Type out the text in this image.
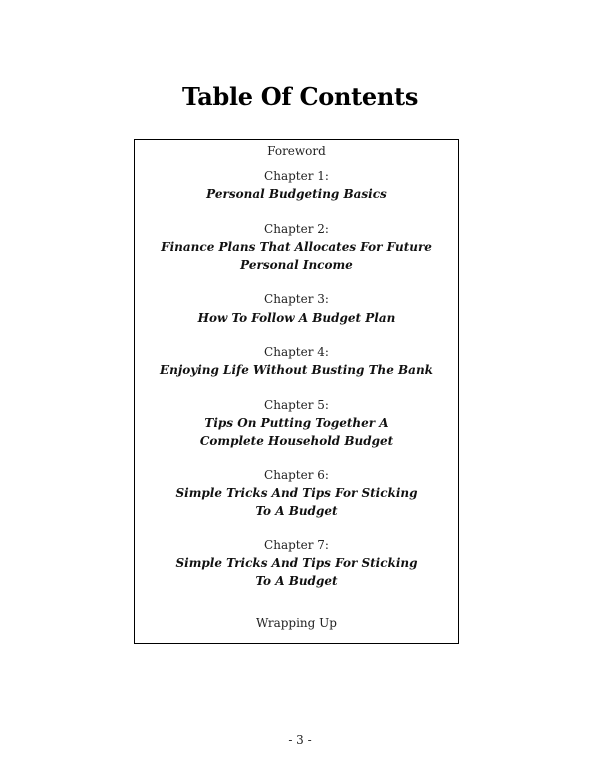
Table Of Contents
Foreword
Chapter 1:
Personal Budgeting Basics
Chapter 2:
Finance Plans That Allocates For Future Personal Income
Chapter 3:
How To Follow A Budget Plan
Chapter 4:
Enjoying Life Without Busting The Bank
Chapter 5:
Tips On Putting Together A Complete Household Budget
Chapter 6:
Simple Tricks And Tips For Sticking To A Budget
Chapter 7:
Simple Tricks And Tips For Sticking To A Budget
Wrapping Up
- 3 -
